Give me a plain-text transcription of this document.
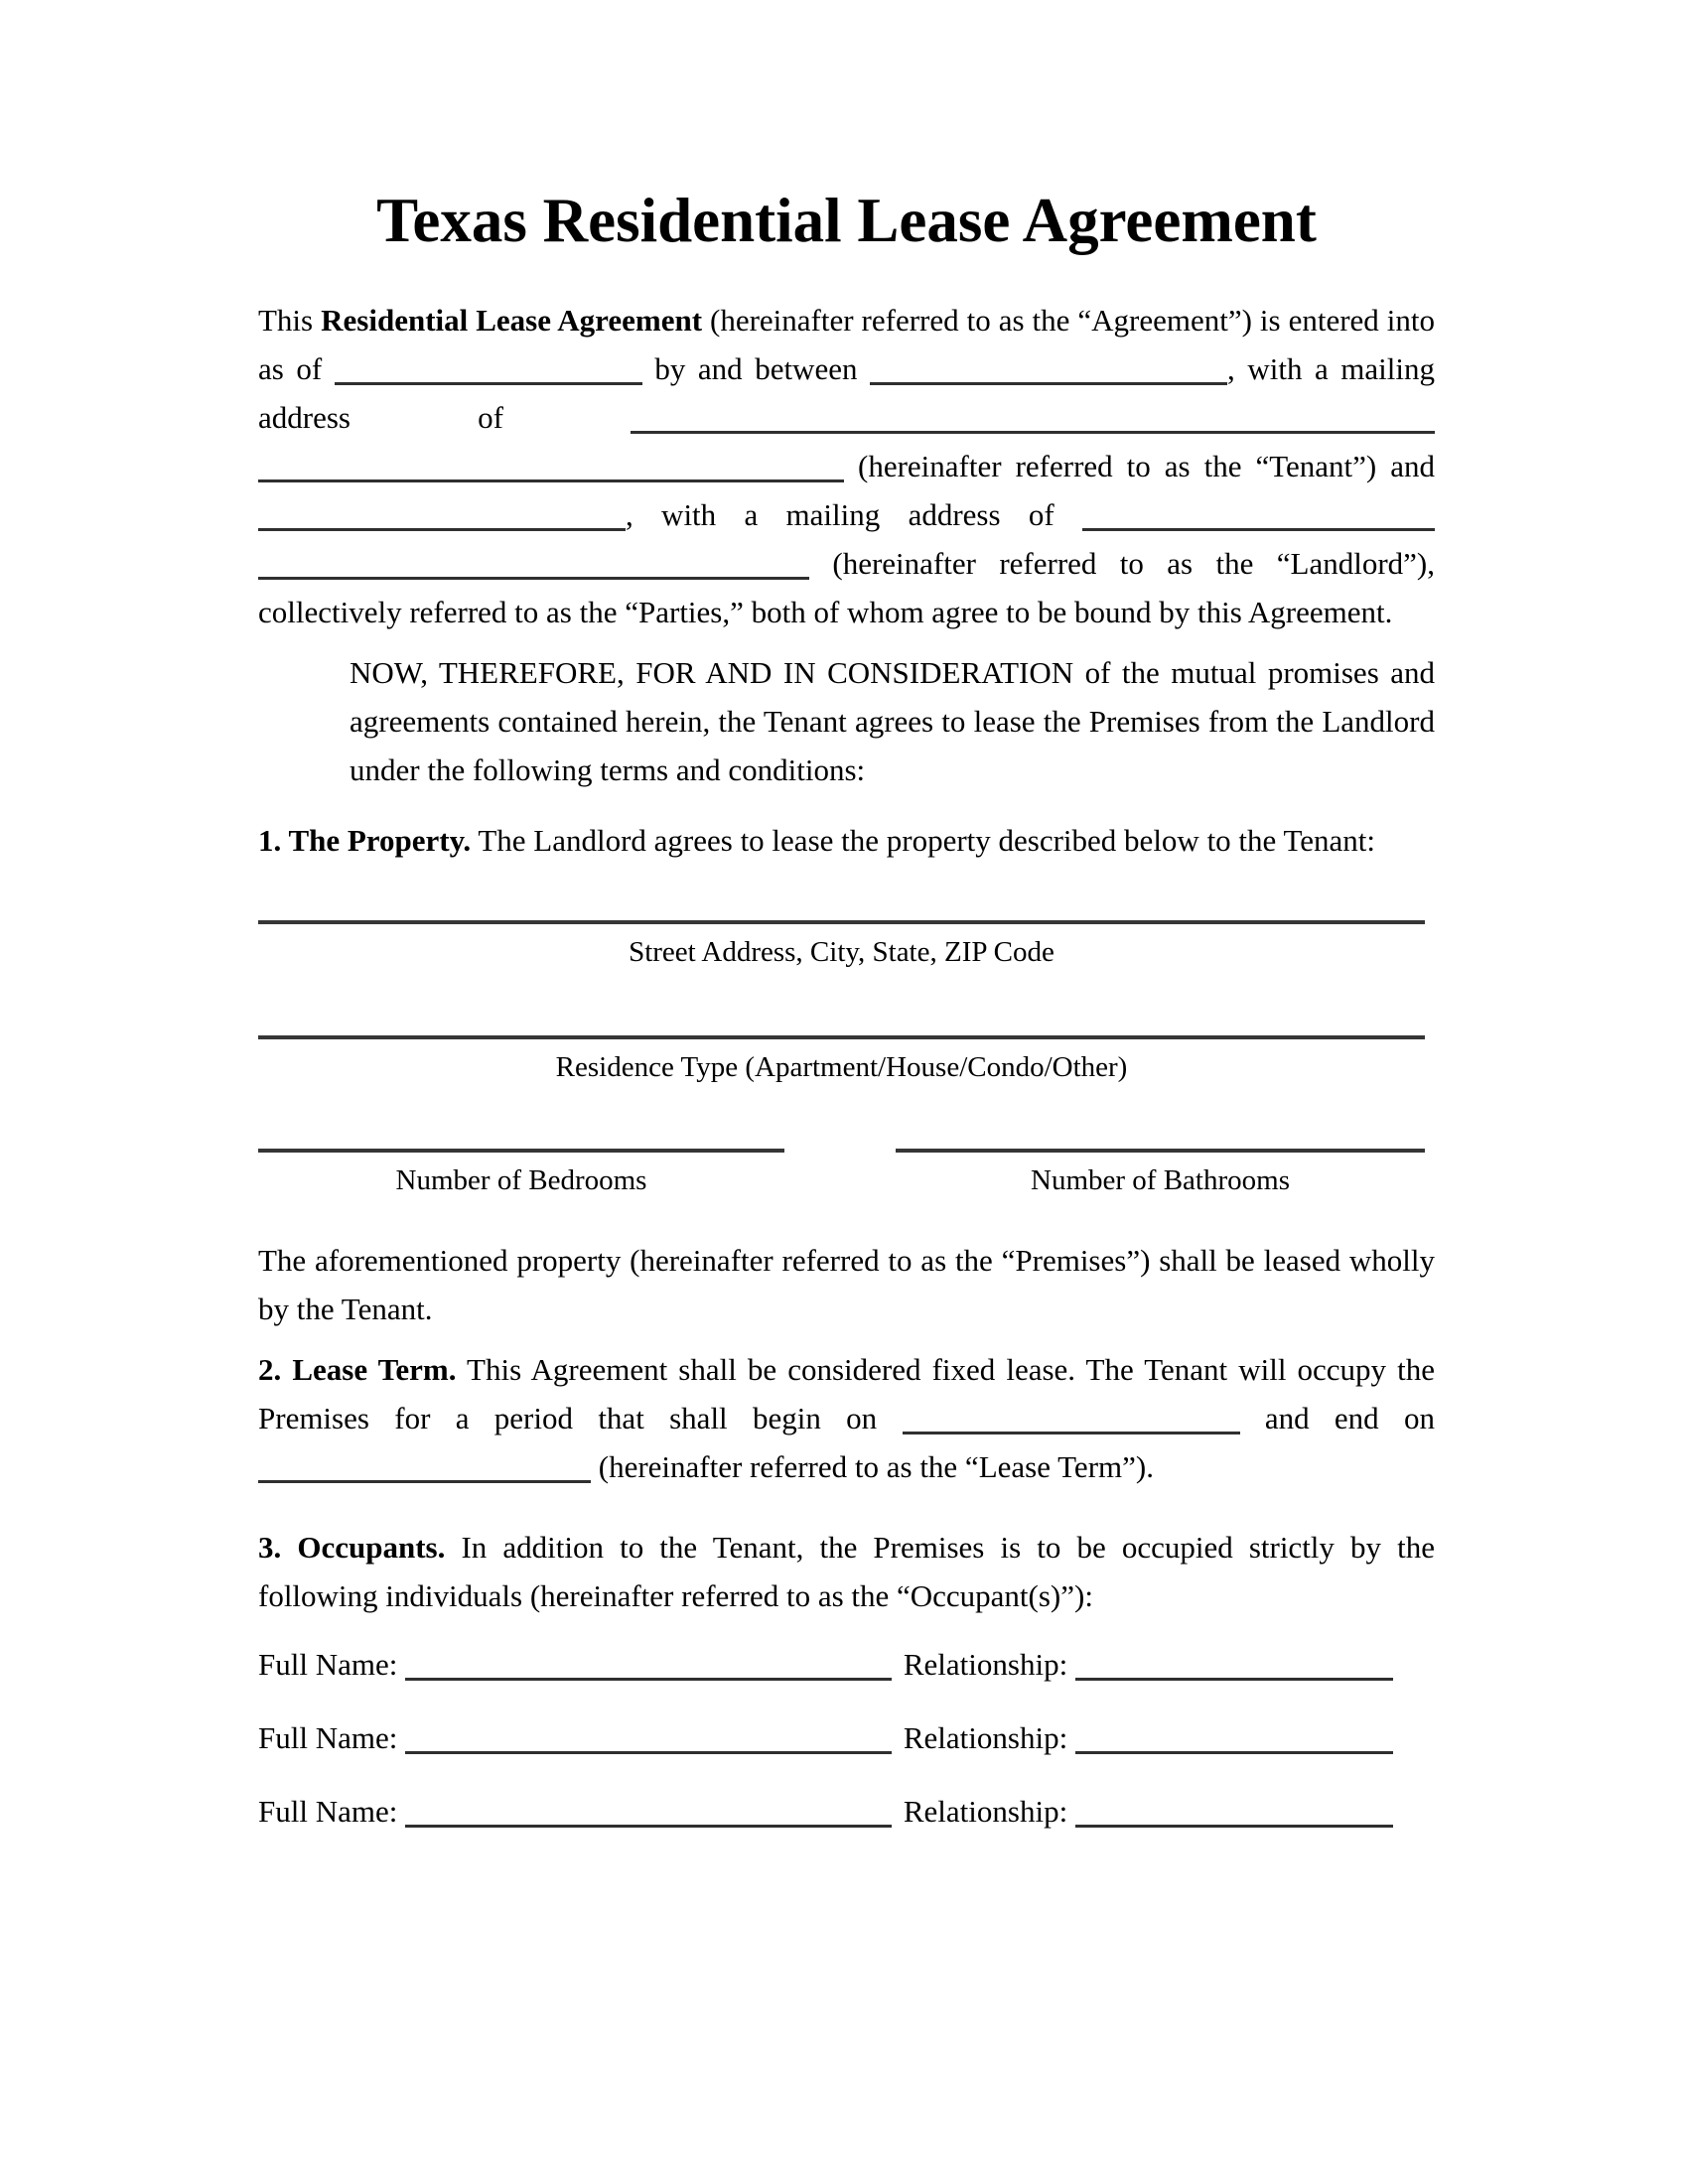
Texas Residential Lease Agreement

This Residential Lease Agreement (hereinafter referred to as the “Agreement”) is entered into as of	by and between	, with a mailing address of   (hereinafter referred to as the “Tenant”) and , with a mailing address of   (hereinafter referred to as the “Landlord”), collectively referred to as the “Parties,” both of whom agree to be bound by this Agreement.

NOW, THEREFORE, FOR AND IN CONSIDERATION of the mutual promises and agreements contained herein, the Tenant agrees to lease the Premises from the Landlord under the following terms and conditions:

1. The Property. The Landlord agrees to lease the property described below to the Tenant:

Street Address, City, State, ZIP Code
Residence Type (Apartment/House/Condo/Other)
Number of Bedrooms	Number of Bathrooms

The aforementioned property (hereinafter referred to as the “Premises”) shall be leased wholly by the Tenant.

2. Lease Term. This Agreement shall be considered fixed lease. The Tenant will occupy the Premises for a period that shall begin on	and end on  (hereinafter referred to as the “Lease Term”).

3. Occupants. In addition to the Tenant, the Premises is to be occupied strictly by the following individuals (hereinafter referred to as the “Occupant(s)”):

Full Name:	Relationship:
Full Name:	Relationship:
Full Name:	Relationship:
